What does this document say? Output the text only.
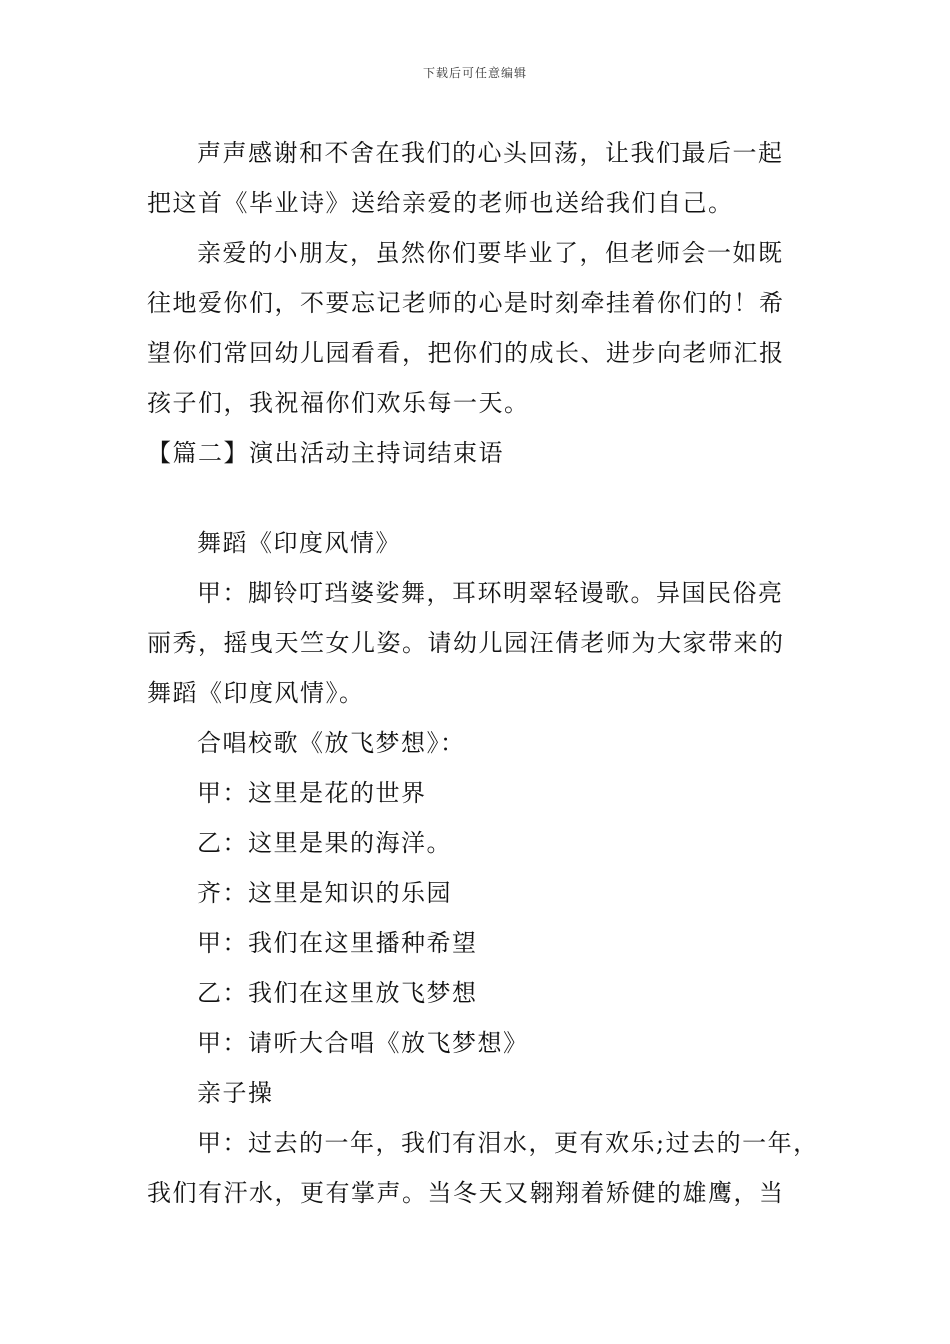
下载后可任意编辑
声声感谢和不舍在我们的心头回荡，让我们最后一起
把这首《毕业诗》送给亲爱的老师也送给我们自己。
亲爱的小朋友，虽然你们要毕业了，但老师会一如既
往地爱你们，不要忘记老师的心是时刻牵挂着你们的！希
望你们常回幼儿园看看，把你们的成长、进步向老师汇报
孩子们，我祝福你们欢乐每一天。
【篇二】演出活动主持词结束语
舞蹈《印度风情》
甲：脚铃叮珰婆娑舞，耳环明翠轻谩歌。异国民俗亮
丽秀，摇曳天竺女儿姿。请幼儿园汪倩老师为大家带来的
舞蹈《印度风情》。
合唱校歌《放飞梦想》：
甲：这里是花的世界
乙：这里是果的海洋。
齐：这里是知识的乐园
甲：我们在这里播种希望
乙：我们在这里放飞梦想
甲：请听大合唱《放飞梦想》
亲子操
甲：过去的一年，我们有泪水，更有欢乐;过去的一年，
我们有汗水，更有掌声。当冬天又翱翔着矫健的雄鹰，当
